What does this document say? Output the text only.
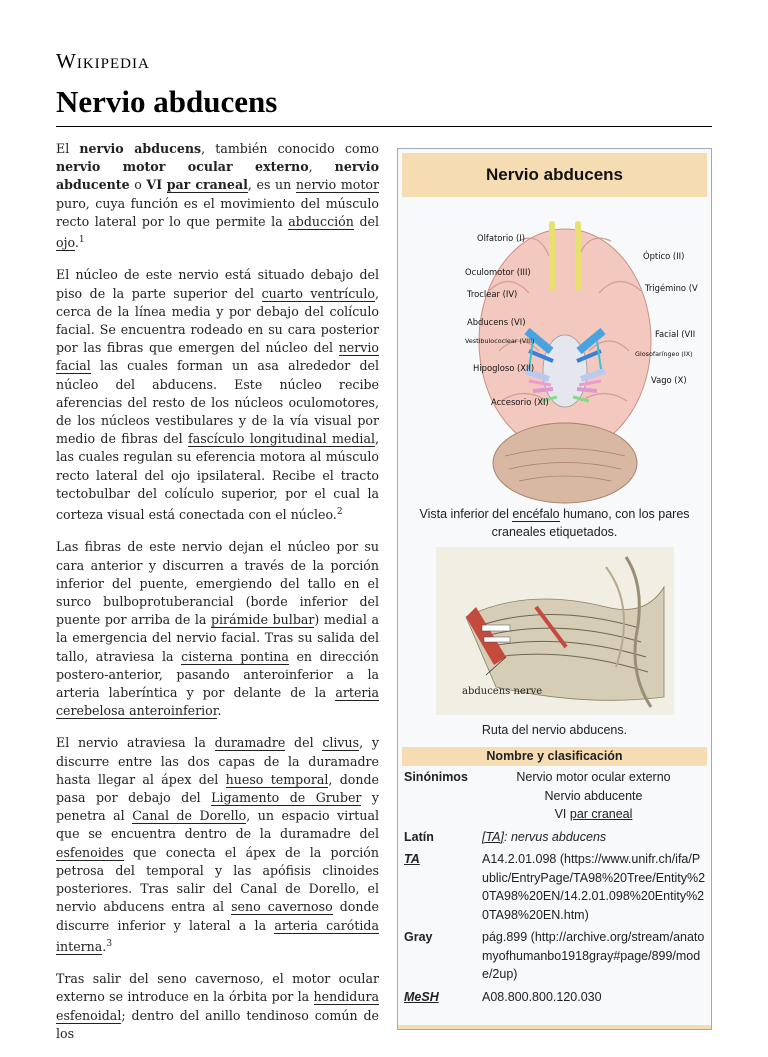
Wikipedia
Nervio abducens

El nervio abducens, también conocido como nervio motor ocular externo, nervio abducente o VI par craneal, es un nervio motor puro, cuya función es el movimiento del músculo recto lateral por lo que permite la abducción del ojo.$^1$

El núcleo de este nervio está situado debajo del piso de la parte superior del cuarto ventrículo, cerca de la línea media y por debajo del colículo facial. Se encuentra rodeado en su cara posterior por las fibras que emergen del núcleo del nervio facial las cuales forman un asa alrededor del núcleo del abducens. Este núcleo recibe aferencias del resto de los núcleos oculomotores, de los núcleos vestibulares y de la vía visual por medio de fibras del fascículo longitudinal medial, las cuales regulan su eferencia motora al músculo recto lateral del ojo ipsilateral. Recibe el tracto tectobulbar del colículo superior, por el cual la corteza visual está conectada con el núcleo.$^2$

Las fibras de este nervio dejan el núcleo por su cara anterior y discurren a través de la porción inferior del puente, emergiendo del tallo en el surco bulboprotuberancial (borde inferior del puente por arriba de la pirámide bulbar) medial a la emergencia del nervio facial. Tras su salida del tallo, atraviesa la cisterna pontina en dirección postero-anterior, pasando anteroinferior a la arteria laberíntica y por delante de la arteria cerebelosa anteroinferior.

El nervio atraviesa la duramadre del clivus, y discurre entre las dos capas de la duramadre hasta llegar al ápex del hueso temporal, donde pasa por debajo del Ligamento de Gruber y penetra al Canal de Dorello, un espacio virtual que se encuentra dentro de la duramadre del esfenoides que conecta el ápex de la porción petrosa del temporal y las apófisis clinoides posteriores. Tras salir del Canal de Dorello, el nervio abducens entra al seno cavernoso donde discurre inferior y lateral a la arteria carótida interna.$^3$

Tras salir del seno cavernoso, el motor ocular externo se introduce en la órbita por la hendidura esfenoidal; dentro del anillo tendinoso común de los

Nervio abducens
Olfatorio (I)
Óptico (II)
Oculomotor (III)
Troclear (IV)
Trigémino (V
Abducens (VI)
Facial (VII
Vestibulococlear (VIII)
Glosofaríngeo (IX)
Hipogloso (XII)
Vago (X)
Accesorio (XI)
Vista inferior del encéfalo humano, con los pares craneales etiquetados.
abducens nerve
Ruta del nervio abducens.
Nombre y clasificación
Sinónimos	Nervio motor ocular externo
Nervio abducente
VI par craneal
Latín	[TA]: nervus abducens
TA	A14.2.01.098 (https://www.unifr.ch/ifa/Public/EntryPage/TA98%20Tree/Entity%20TA98%20EN/14.2.01.098%20Entity%20TA98%20EN.htm)
Gray	pág.899 (http://archive.org/stream/anatomyofhumanbo1918gray#page/899/mode/2up)
MeSH	A08.800.800.120.030
